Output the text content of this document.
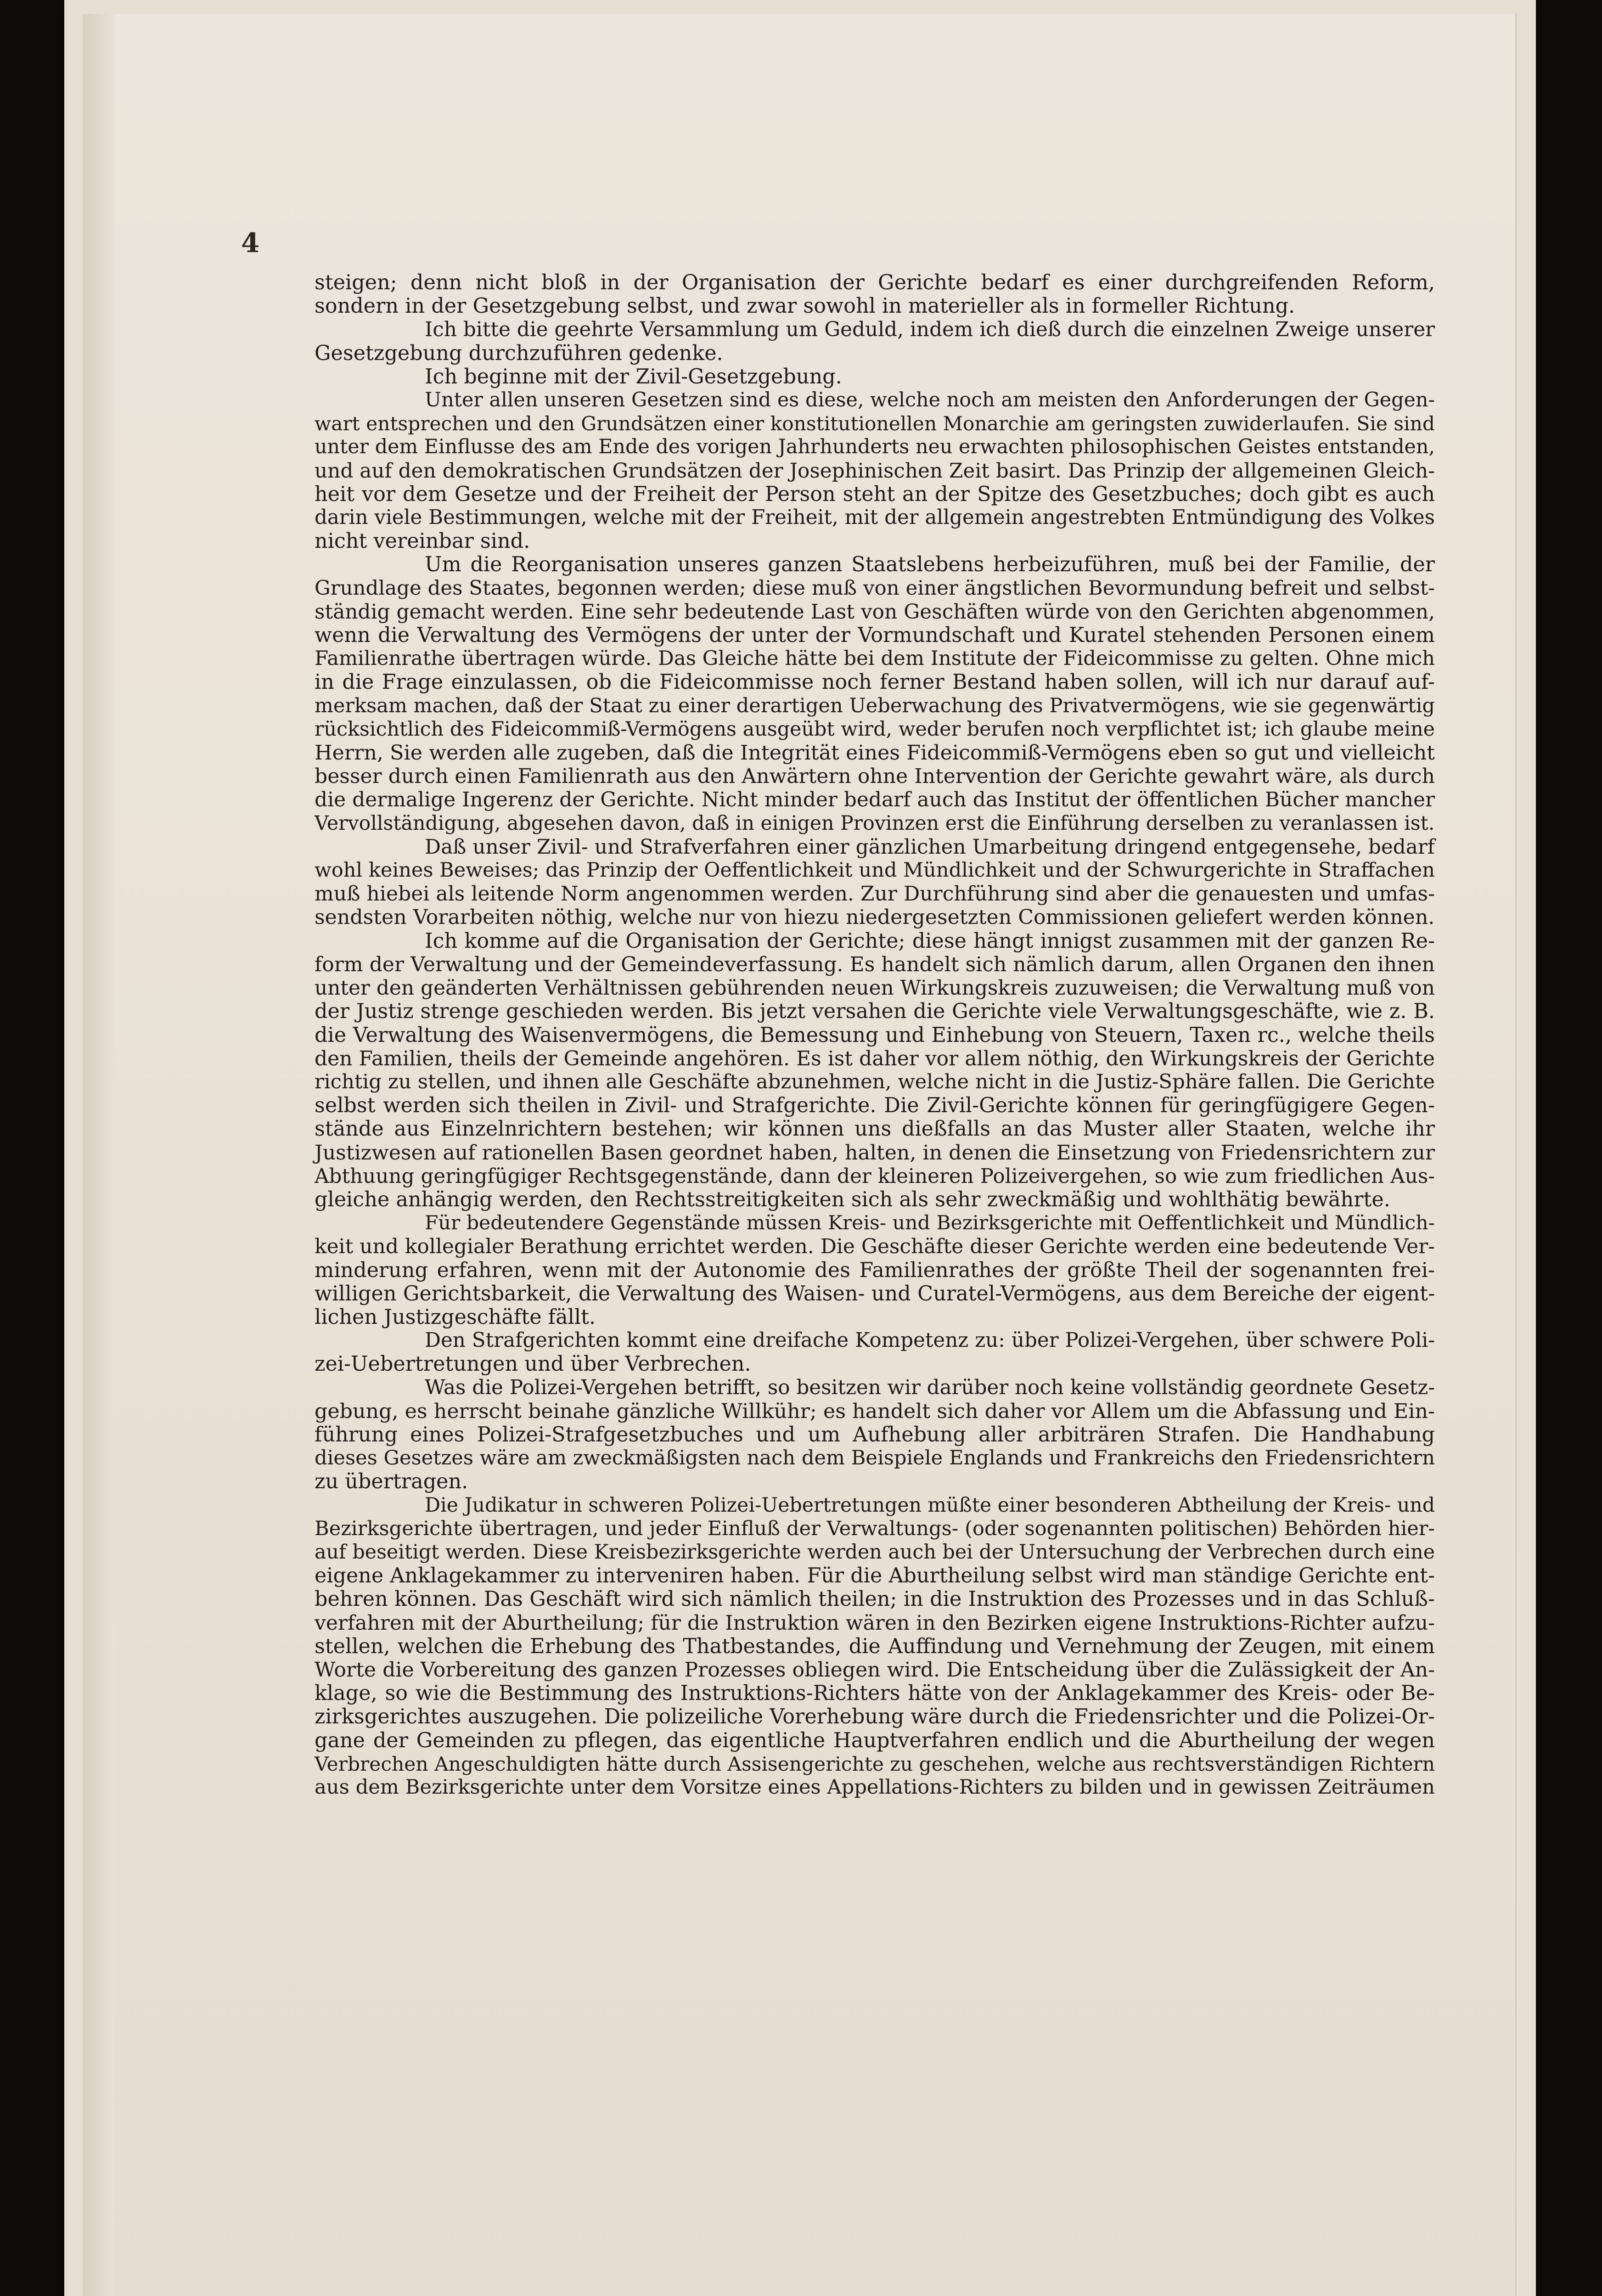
4
steigen; denn nicht bloß in der Organisation der Gerichte bedarf es einer durchgreifenden Reform,
sondern in der Gesetzgebung selbst, und zwar sowohl in materieller als in formeller Richtung.
Ich bitte die geehrte Versammlung um Geduld, indem ich dieß durch die einzelnen Zweige unserer
Gesetzgebung durchzuführen gedenke.
Ich beginne mit der Zivil-Gesetzgebung.
Unter allen unseren Gesetzen sind es diese, welche noch am meisten den Anforderungen der Gegen-
wart entsprechen und den Grundsätzen einer konstitutionellen Monarchie am geringsten zuwiderlaufen. Sie sind
unter dem Einflusse des am Ende des vorigen Jahrhunderts neu erwachten philosophischen Geistes entstanden,
und auf den demokratischen Grundsätzen der Josephinischen Zeit basirt. Das Prinzip der allgemeinen Gleich-
heit vor dem Gesetze und der Freiheit der Person steht an der Spitze des Gesetzbuches; doch gibt es auch
darin viele Bestimmungen, welche mit der Freiheit, mit der allgemein angestrebten Entmündigung des Volkes
nicht vereinbar sind.
Um die Reorganisation unseres ganzen Staatslebens herbeizuführen, muß bei der Familie, der
Grundlage des Staates, begonnen werden; diese muß von einer ängstlichen Bevormundung befreit und selbst-
ständig gemacht werden. Eine sehr bedeutende Last von Geschäften würde von den Gerichten abgenommen,
wenn die Verwaltung des Vermögens der unter der Vormundschaft und Kuratel stehenden Personen einem
Familienrathe übertragen würde. Das Gleiche hätte bei dem Institute der Fideicommisse zu gelten. Ohne mich
in die Frage einzulassen, ob die Fideicommisse noch ferner Bestand haben sollen, will ich nur darauf auf-
merksam machen, daß der Staat zu einer derartigen Ueberwachung des Privatvermögens, wie sie gegenwärtig
rücksichtlich des Fideicommiß-Vermögens ausgeübt wird, weder berufen noch verpflichtet ist; ich glaube meine
Herrn, Sie werden alle zugeben, daß die Integrität eines Fideicommiß-Vermögens eben so gut und vielleicht
besser durch einen Familienrath aus den Anwärtern ohne Intervention der Gerichte gewahrt wäre, als durch
die dermalige Ingerenz der Gerichte. Nicht minder bedarf auch das Institut der öffentlichen Bücher mancher
Vervollständigung, abgesehen davon, daß in einigen Provinzen erst die Einführung derselben zu veranlassen ist.
Daß unser Zivil- und Strafverfahren einer gänzlichen Umarbeitung dringend entgegensehe, bedarf
wohl keines Beweises; das Prinzip der Oeffentlichkeit und Mündlichkeit und der Schwurgerichte in Straffachen
muß hiebei als leitende Norm angenommen werden. Zur Durchführung sind aber die genauesten und umfas-
sendsten Vorarbeiten nöthig, welche nur von hiezu niedergesetzten Commissionen geliefert werden können.
Ich komme auf die Organisation der Gerichte; diese hängt innigst zusammen mit der ganzen Re-
form der Verwaltung und der Gemeindeverfassung. Es handelt sich nämlich darum, allen Organen den ihnen
unter den geänderten Verhältnissen gebührenden neuen Wirkungskreis zuzuweisen; die Verwaltung muß von
der Justiz strenge geschieden werden. Bis jetzt versahen die Gerichte viele Verwaltungsgeschäfte, wie z. B.
die Verwaltung des Waisenvermögens, die Bemessung und Einhebung von Steuern, Taxen rc., welche theils
den Familien, theils der Gemeinde angehören. Es ist daher vor allem nöthig, den Wirkungskreis der Gerichte
richtig zu stellen, und ihnen alle Geschäfte abzunehmen, welche nicht in die Justiz-Sphäre fallen. Die Gerichte
selbst werden sich theilen in Zivil- und Strafgerichte. Die Zivil-Gerichte können für geringfügigere Gegen-
stände aus Einzelnrichtern bestehen; wir können uns dießfalls an das Muster aller Staaten, welche ihr
Justizwesen auf rationellen Basen geordnet haben, halten, in denen die Einsetzung von Friedensrichtern zur
Abthuung geringfügiger Rechtsgegenstände, dann der kleineren Polizeivergehen, so wie zum friedlichen Aus-
gleiche anhängig werden, den Rechtsstreitigkeiten sich als sehr zweckmäßig und wohlthätig bewährte.
Für bedeutendere Gegenstände müssen Kreis- und Bezirksgerichte mit Oeffentlichkeit und Mündlich-
keit und kollegialer Berathung errichtet werden. Die Geschäfte dieser Gerichte werden eine bedeutende Ver-
minderung erfahren, wenn mit der Autonomie des Familienrathes der größte Theil der sogenannten frei-
willigen Gerichtsbarkeit, die Verwaltung des Waisen- und Curatel-Vermögens, aus dem Bereiche der eigent-
lichen Justizgeschäfte fällt.
Den Strafgerichten kommt eine dreifache Kompetenz zu: über Polizei-Vergehen, über schwere Poli-
zei-Uebertretungen und über Verbrechen.
Was die Polizei-Vergehen betrifft, so besitzen wir darüber noch keine vollständig geordnete Gesetz-
gebung, es herrscht beinahe gänzliche Willkühr; es handelt sich daher vor Allem um die Abfassung und Ein-
führung eines Polizei-Strafgesetzbuches und um Aufhebung aller arbiträren Strafen. Die Handhabung
dieses Gesetzes wäre am zweckmäßigsten nach dem Beispiele Englands und Frankreichs den Friedensrichtern
zu übertragen.
Die Judikatur in schweren Polizei-Uebertretungen müßte einer besonderen Abtheilung der Kreis- und
Bezirksgerichte übertragen, und jeder Einfluß der Verwaltungs- (oder sogenannten politischen) Behörden hier-
auf beseitigt werden. Diese Kreisbezirksgerichte werden auch bei der Untersuchung der Verbrechen durch eine
eigene Anklagekammer zu interveniren haben. Für die Aburtheilung selbst wird man ständige Gerichte ent-
behren können. Das Geschäft wird sich nämlich theilen; in die Instruktion des Prozesses und in das Schluß-
verfahren mit der Aburtheilung; für die Instruktion wären in den Bezirken eigene Instruktions-Richter aufzu-
stellen, welchen die Erhebung des Thatbestandes, die Auffindung und Vernehmung der Zeugen, mit einem
Worte die Vorbereitung des ganzen Prozesses obliegen wird. Die Entscheidung über die Zulässigkeit der An-
klage, so wie die Bestimmung des Instruktions-Richters hätte von der Anklagekammer des Kreis- oder Be-
zirksgerichtes auszugehen. Die polizeiliche Vorerhebung wäre durch die Friedensrichter und die Polizei-Or-
gane der Gemeinden zu pflegen, das eigentliche Hauptverfahren endlich und die Aburtheilung der wegen
Verbrechen Angeschuldigten hätte durch Assisengerichte zu geschehen, welche aus rechtsverständigen Richtern
aus dem Bezirksgerichte unter dem Vorsitze eines Appellations-Richters zu bilden und in gewissen Zeiträumen
